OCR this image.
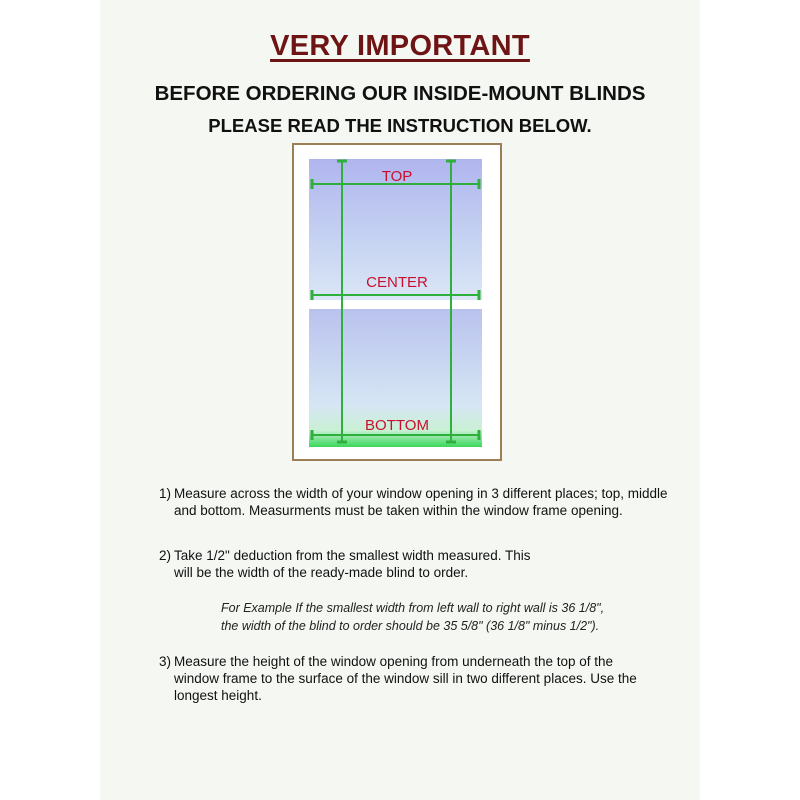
VERY IMPORTANT
BEFORE ORDERING OUR INSIDE-MOUNT BLINDS
PLEASE READ THE INSTRUCTION BELOW.
TOP
CENTER
BOTTOM
1) Measure across the width of your window opening in 3 different places; top, middle and bottom. Measurments must be taken within the window frame opening.
2) Take 1/2" deduction from the smallest width measured. This will be the width of the ready-made blind to order.
For Example If the smallest width from left wall to right wall is 36 1/8",
the width of the blind to order should be 35 5/8" (36 1/8" minus 1/2").
3) Measure the height of the window opening from underneath the top of the window frame to the surface of the window sill in two different places. Use the longest height.
